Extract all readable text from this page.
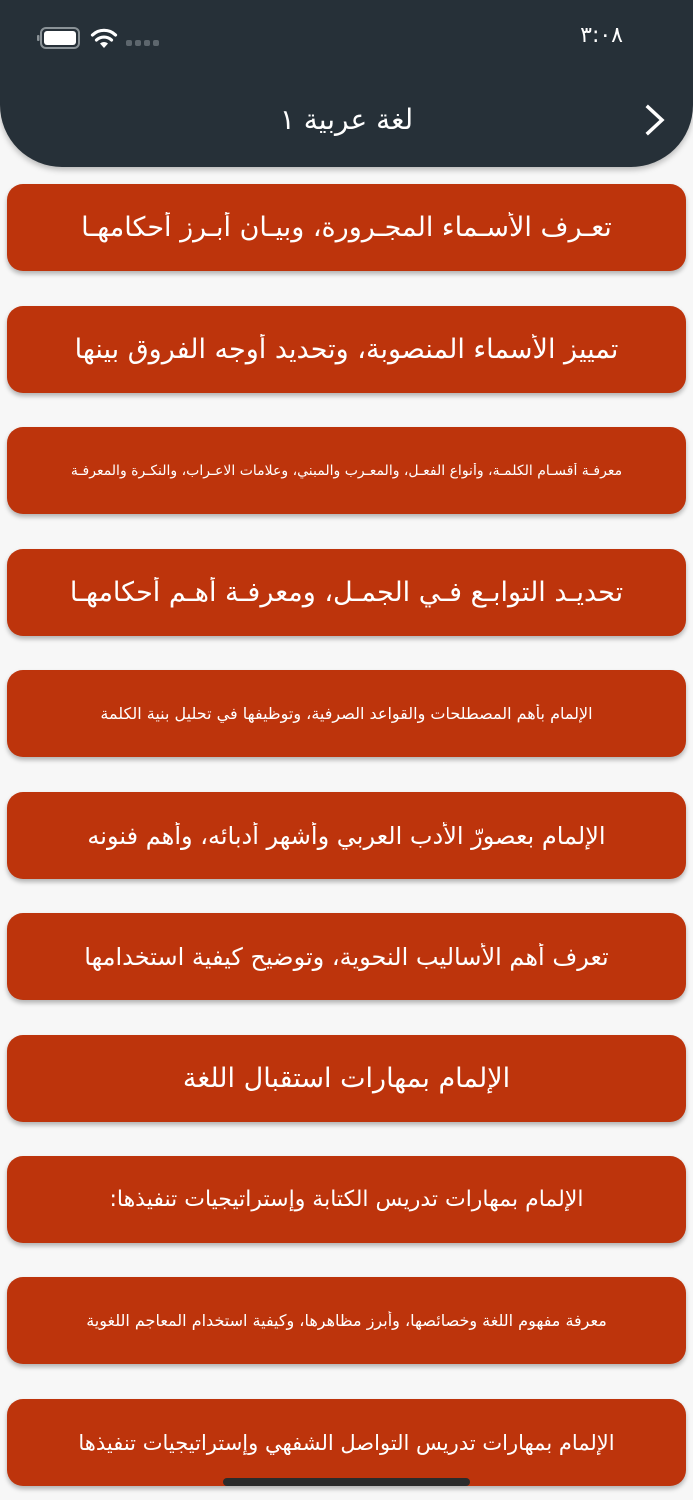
٣:٠٨
لغة عربية ١
تعـرف الأسـماء المجـرورة، وبيـان أبـرز أحكامهـا
تمييز الأسماء المنصوبة، وتحديد أوجه الفروق بينها
معرفـة أقسـام الكلمـة، وأنواع الفعـل، والمعـرب والمبني، وعلامات الاعـراب، والنكـرة والمعرفـة
تحديـد التوابـع فـي الجمـل، ومعرفـة أهـم أحكامهـا
الإلمام بأهم المصطلحات والقواعد الصرفية، وتوظيفها في تحليل بنية الكلمة
الإلمام بعصورّ الأدب العربي وأشهر أدبائه، وأهم فنونه
تعرف أهم الأساليب النحوية، وتوضيح كيفية استخدامها
الإلمام بمهارات استقبال اللغة
الإلمام بمهارات تدريس الكتابة وإستراتيجيات تنفيذها:
معرفة مفهوم اللغة وخصائصها، وأبرز مظاهرها، وكيفية استخدام المعاجم اللغوية
الإلمام بمهارات تدريس التواصل الشفهي وإستراتيجيات تنفيذها
